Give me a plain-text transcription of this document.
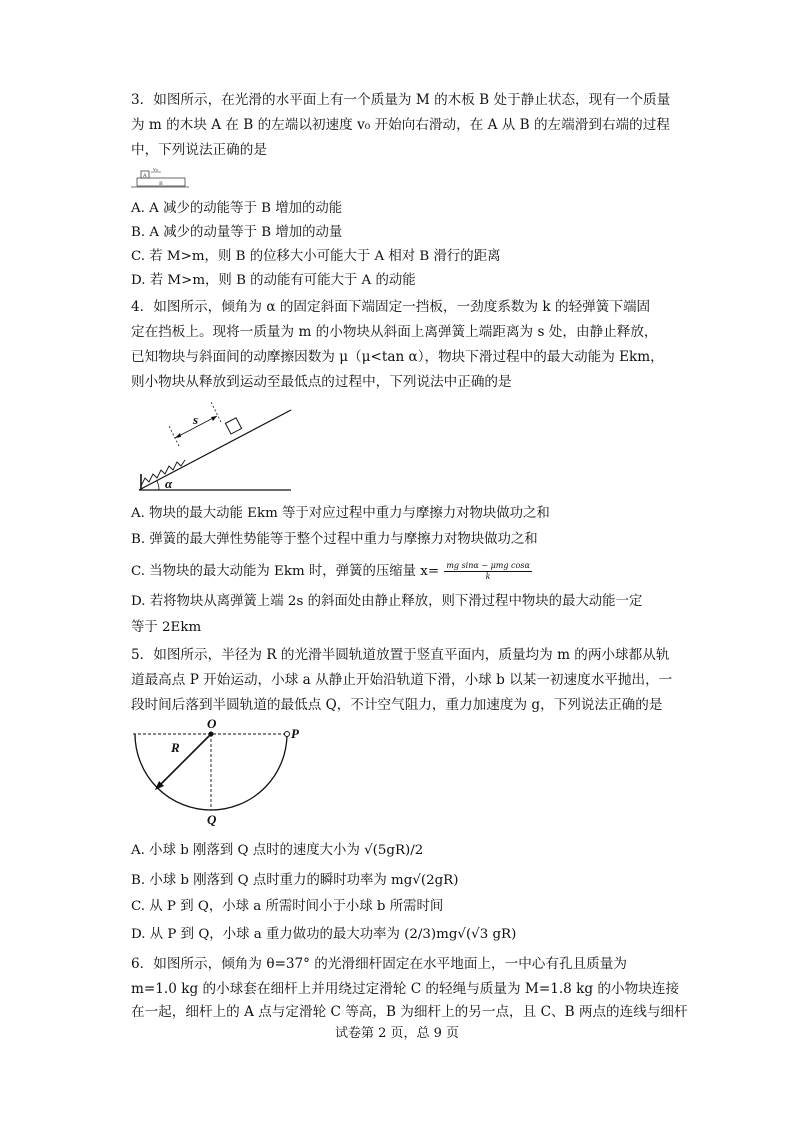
3．如图所示，在光滑的水平面上有一个质量为 M 的木板 B 处于静止状态，现有一个质量
为 m 的木块 A 在 B 的左端以初速度 v₀ 开始向右滑动，在 A 从 B 的左端滑到右端的过程
中，下列说法正确的是
A
v₀
B
A. A 减少的动能等于 B 增加的动能
B. A 减少的动量等于 B 增加的动量
C. 若 M>m，则 B 的位移大小可能大于 A 相对 B 滑行的距离
D. 若 M>m，则 B 的动能有可能大于 A 的动能
4．如图所示，倾角为 α 的固定斜面下端固定一挡板，一劲度系数为 k 的轻弹簧下端固
定在挡板上。现将一质量为 m 的小物块从斜面上离弹簧上端距离为 s 处，由静止释放，
已知物块与斜面间的动摩擦因数为 μ（μ<tan α），物块下滑过程中的最大动能为 Ekm，
则小物块从释放到运动至最低点的过程中，下列说法中正确的是
s
α
A. 物块的最大动能 Ekm 等于对应过程中重力与摩擦力对物块做功之和
B. 弹簧的最大弹性势能等于整个过程中重力与摩擦力对物块做功之和
C. 当物块的最大动能为 Ekm 时，弹簧的压缩量 x= mg sinα − μmg cosα
k
D. 若将物块从离弹簧上端 2s 的斜面处由静止释放，则下滑过程中物块的最大动能一定
等于 2Ekm
5．如图所示，半径为 R 的光滑半圆轨道放置于竖直平面内，质量均为 m 的两小球都从轨
道最高点 P 开始运动，小球 a 从静止开始沿轨道下滑，小球 b 以某一初速度水平抛出，一
段时间后落到半圆轨道的最低点 Q，不计空气阻力，重力加速度为 g，下列说法正确的是
O
P
R
Q
A. 小球 b 刚落到 Q 点时的速度大小为 √(5gR)/2
B. 小球 b 刚落到 Q 点时重力的瞬时功率为 mg√(2gR)
C. 从 P 到 Q，小球 a 所需时间小于小球 b 所需时间
D. 从 P 到 Q，小球 a 重力做功的最大功率为 (2/3)mg√(√3 gR)
6．如图所示，倾角为 θ=37° 的光滑细杆固定在水平地面上，一中心有孔且质量为
m=1.0 kg 的小球套在细杆上并用绕过定滑轮 C 的轻绳与质量为 M=1.8 kg 的小物块连接
在一起，细杆上的 A 点与定滑轮 C 等高，B 为细杆上的另一点，且 C、B 两点的连线与细杆
试卷第 2 页，总 9 页
